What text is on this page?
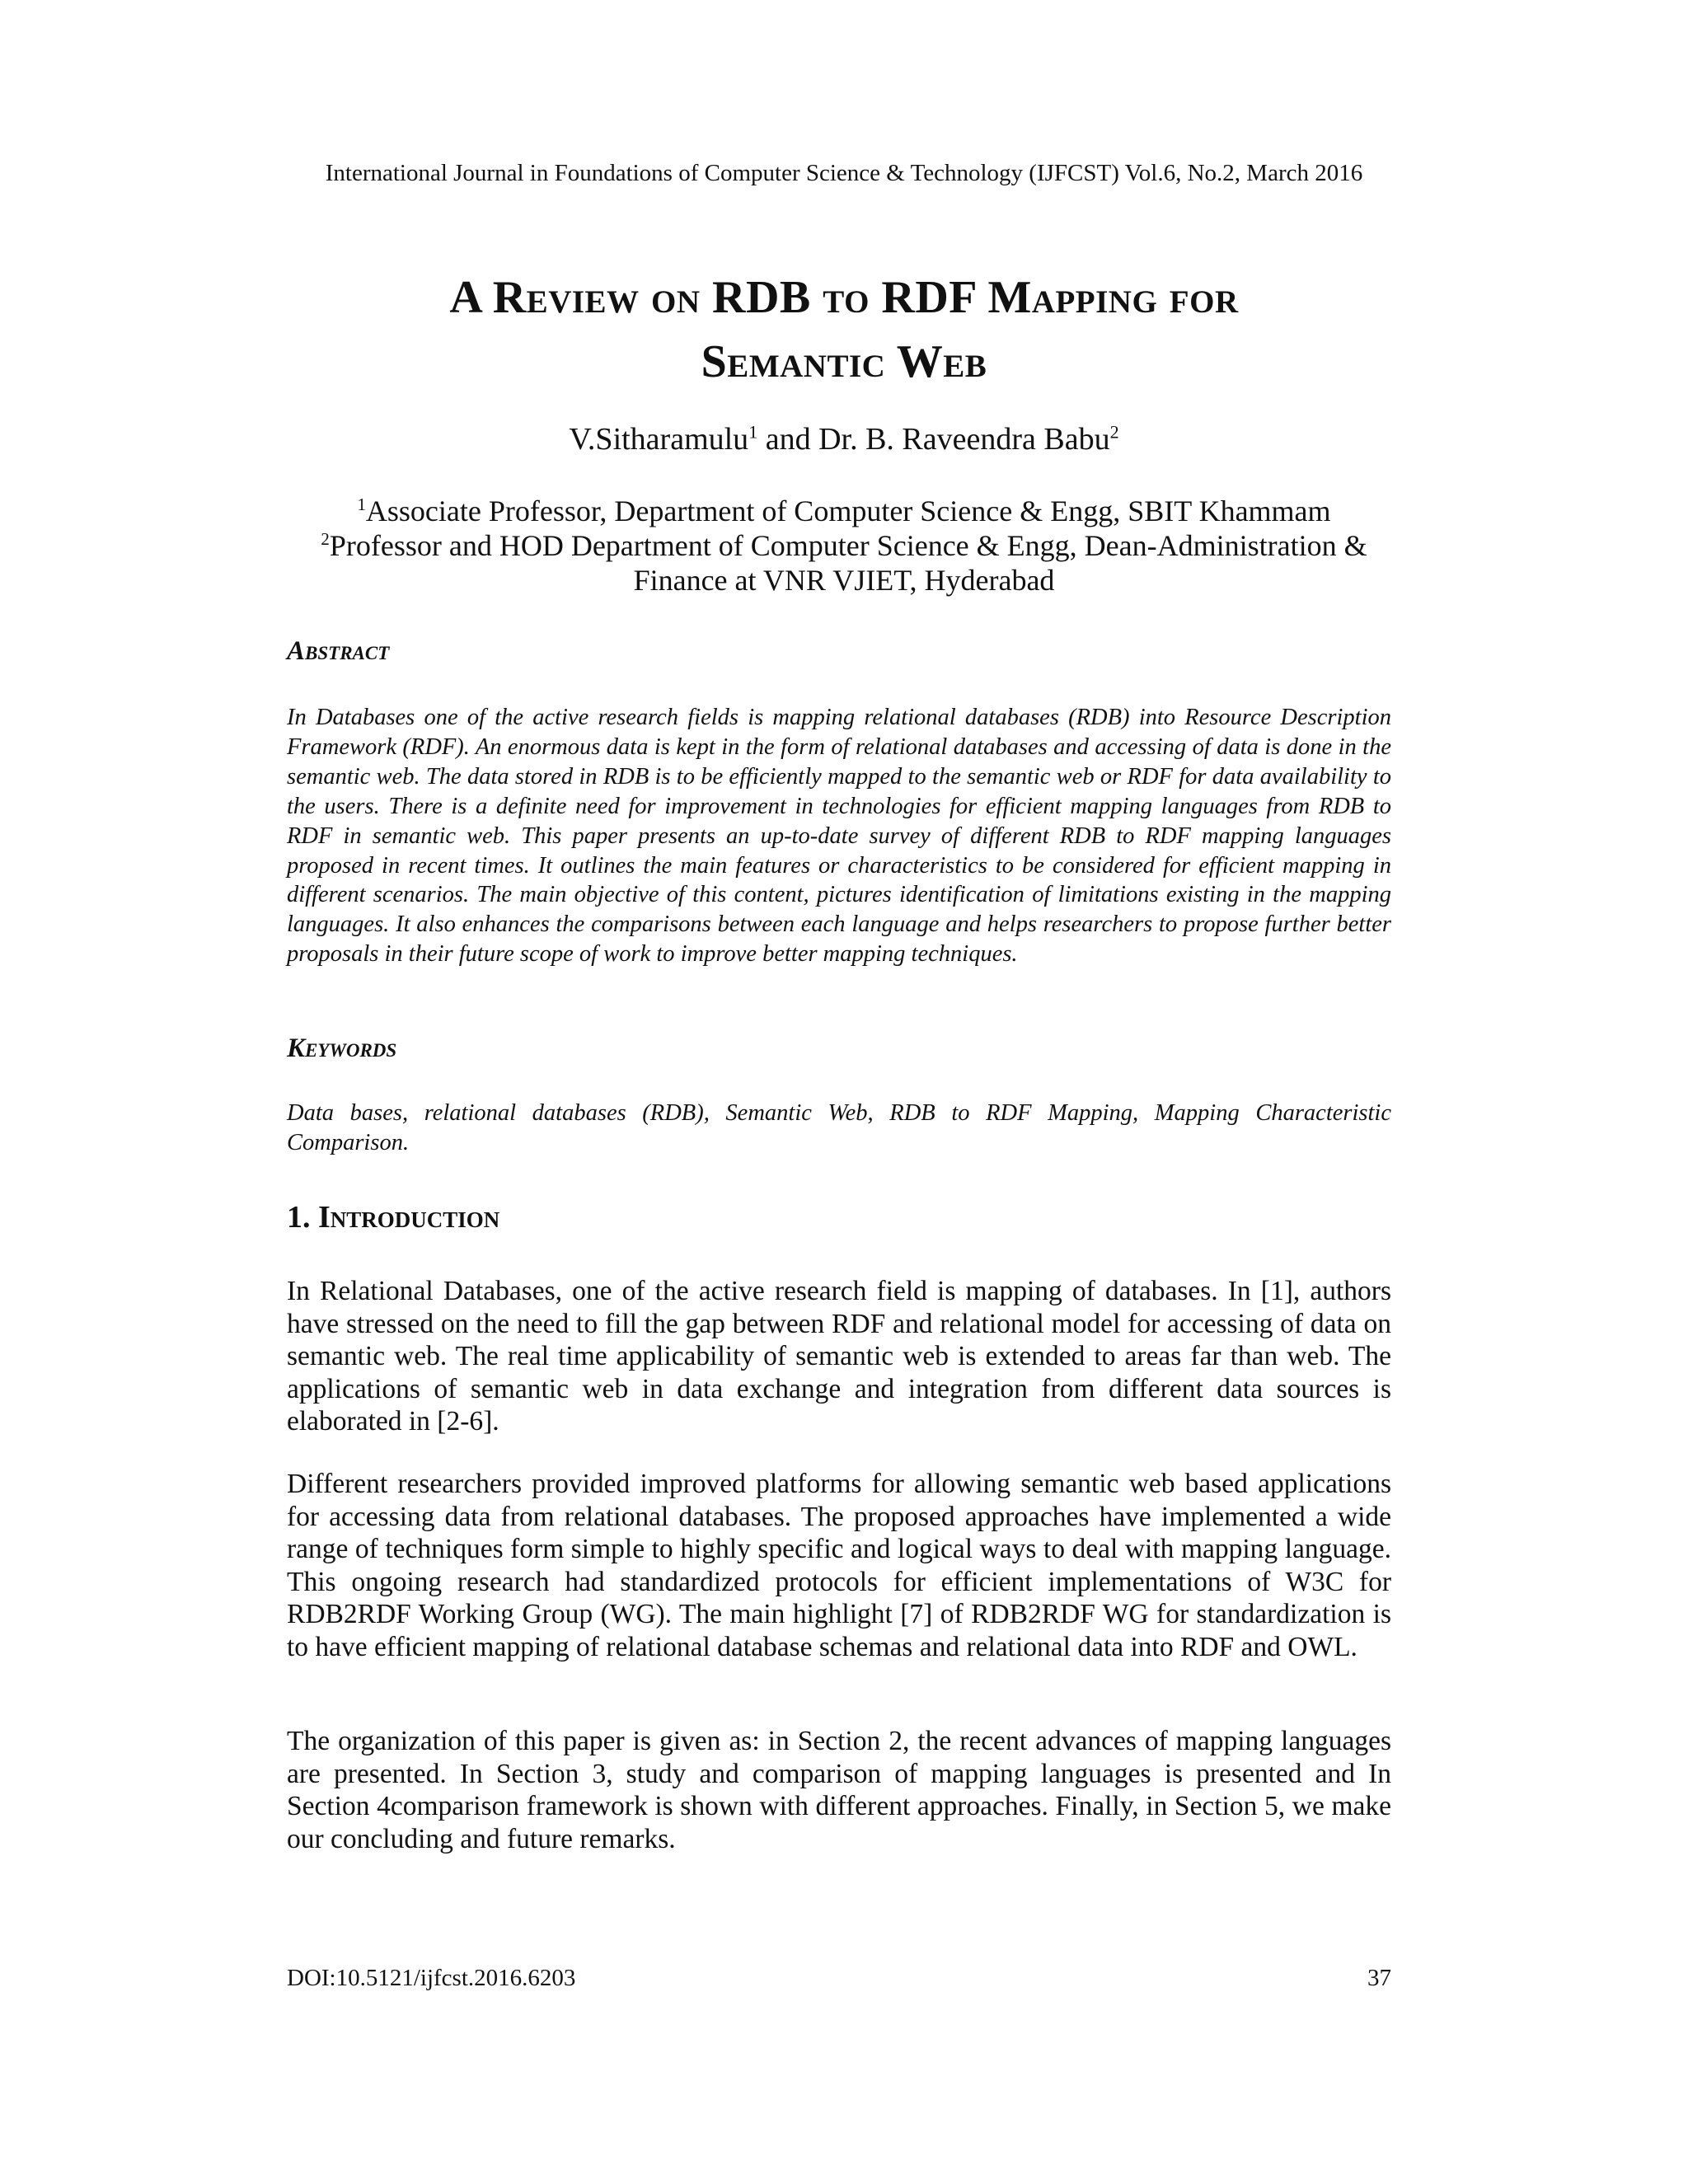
International Journal in Foundations of Computer Science & Technology (IJFCST) Vol.6, No.2, March 2016
A Review on RDB to RDF Mapping for
Semantic Web
V.Sitharamulu$^1$ and Dr. B. Raveendra Babu$^2$
$^1$Associate Professor, Department of Computer Science & Engg, SBIT Khammam
$^2$Professor and HOD Department of Computer Science & Engg, Dean-Administration &
Finance at VNR VJIET, Hyderabad
Abstract
In Databases one of the active research fields is mapping relational databases (RDB) into Resource Description Framework (RDF). An enormous data is kept in the form of relational databases and accessing of data is done in the semantic web. The data stored in RDB is to be efficiently mapped to the semantic web or RDF for data availability to the users. There is a definite need for improvement in technologies for efficient mapping languages from RDB to RDF in semantic web. This paper presents an up-to-date survey of different RDB to RDF mapping languages proposed in recent times. It outlines the main features or characteristics to be considered for efficient mapping in different scenarios. The main objective of this content, pictures identification of limitations existing in the mapping languages. It also enhances the comparisons between each language and helps researchers to propose further better proposals in their future scope of work to improve better mapping techniques.
Keywords
Data bases, relational databases (RDB), Semantic Web, RDB to RDF Mapping, Mapping Characteristic Comparison.
1. Introduction
In Relational Databases, one of the active research field is mapping of databases. In [1], authors have stressed on the need to fill the gap between RDF and relational model for accessing of data on semantic web. The real time applicability of semantic web is extended to areas far than web. The applications of semantic web in data exchange and integration from different data sources is elaborated in [2-6].
Different researchers provided improved platforms for allowing semantic web based applications for accessing data from relational databases. The proposed approaches have implemented a wide range of techniques form simple to highly specific and logical ways to deal with mapping language. This ongoing research had standardized protocols for efficient implementations of W3C for RDB2RDF Working Group (WG). The main highlight [7] of RDB2RDF WG for standardization is to have efficient mapping of relational database schemas and relational data into RDF and OWL.
The organization of this paper is given as: in Section 2, the recent advances of mapping languages are presented. In Section 3, study and comparison of mapping languages is presented and In Section 4comparison framework is shown with different approaches. Finally, in Section 5, we make our concluding and future remarks.
DOI:10.5121/ijfcst.2016.6203	37
